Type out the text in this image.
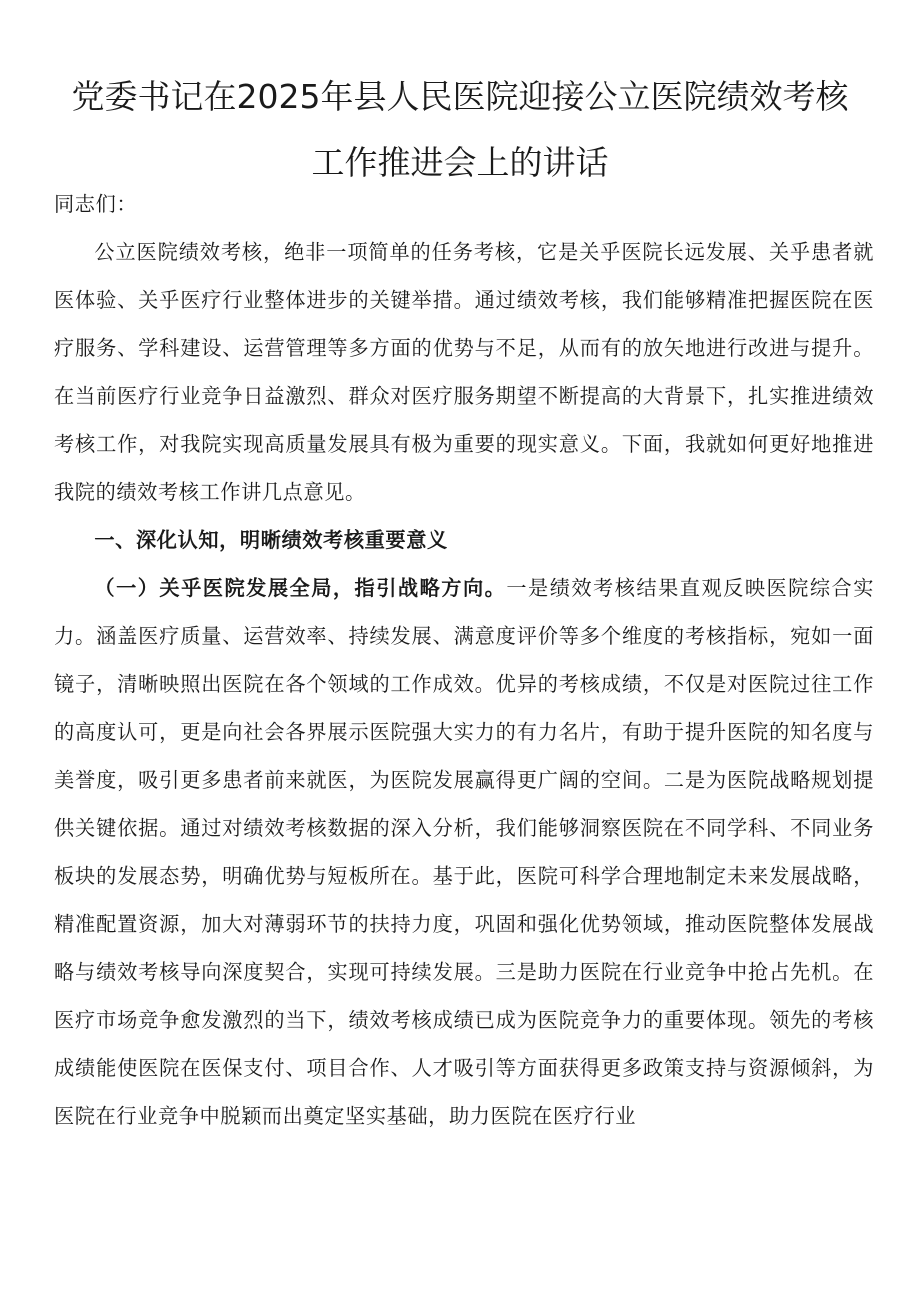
党委书记在2025年县人民医院迎接公立医院绩效考核
工作推进会上的讲话

同志们：

公立医院绩效考核，绝非一项简单的任务考核，它是关乎医院长远发展、关乎患者就医体验、关乎医疗行业整体进步的关键举措。通过绩效考核，我们能够精准把握医院在医疗服务、学科建设、运营管理等多方面的优势与不足，从而有的放矢地进行改进与提升。在当前医疗行业竞争日益激烈、群众对医疗服务期望不断提高的大背景下，扎实推进绩效考核工作，对我院实现高质量发展具有极为重要的现实意义。下面，我就如何更好地推进我院的绩效考核工作讲几点意见。

一、深化认知，明晰绩效考核重要意义

（一）关乎医院发展全局，指引战略方向。一是绩效考核结果直观反映医院综合实力。涵盖医疗质量、运营效率、持续发展、满意度评价等多个维度的考核指标，宛如一面镜子，清晰映照出医院在各个领域的工作成效。优异的考核成绩，不仅是对医院过往工作的高度认可，更是向社会各界展示医院强大实力的有力名片，有助于提升医院的知名度与美誉度，吸引更多患者前来就医，为医院发展赢得更广阔的空间。二是为医院战略规划提供关键依据。通过对绩效考核数据的深入分析，我们能够洞察医院在不同学科、不同业务板块的发展态势，明确优势与短板所在。基于此，医院可科学合理地制定未来发展战略，精准配置资源，加大对薄弱环节的扶持力度，巩固和强化优势领域，推动医院整体发展战略与绩效考核导向深度契合，实现可持续发展。三是助力医院在行业竞争中抢占先机。在医疗市场竞争愈发激烈的当下，绩效考核成绩已成为医院竞争力的重要体现。领先的考核成绩能使医院在医保支付、项目合作、人才吸引等方面获得更多政策支持与资源倾斜，为医院在行业竞争中脱颖而出奠定坚实基础，助力医院在医疗行业
